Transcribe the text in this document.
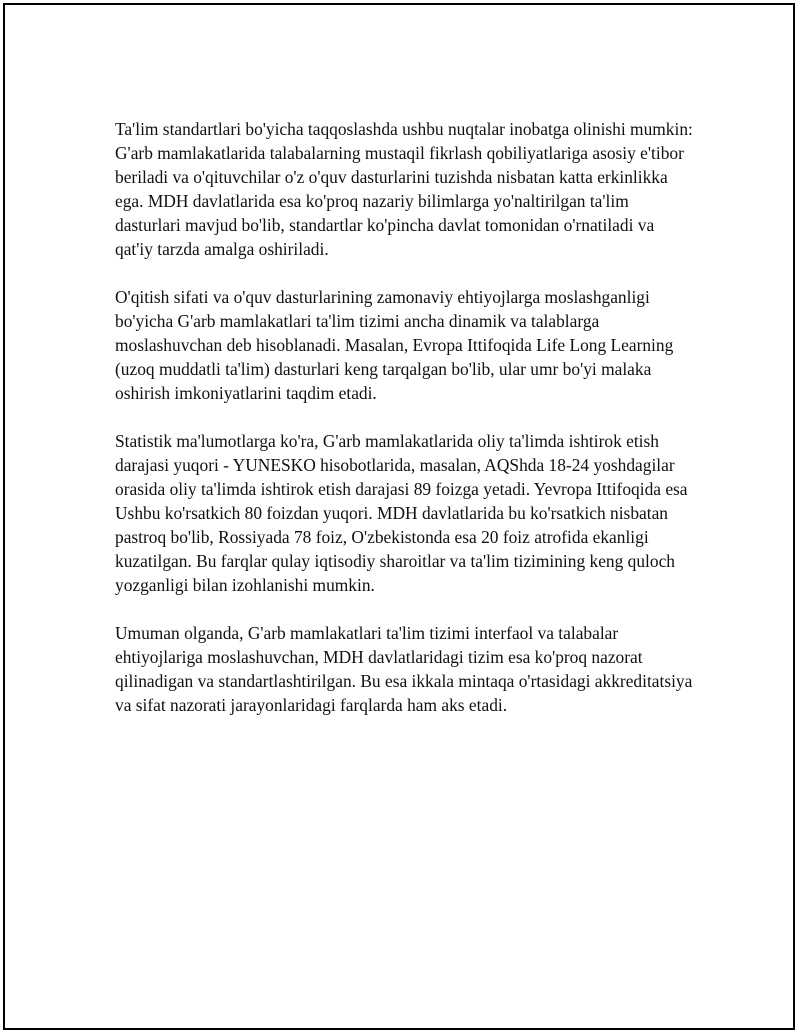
Ta'lim standartlari bo'yicha taqqoslashda ushbu nuqtalar inobatga olinishi mumkin: G'arb mamlakatlarida talabalarning mustaqil fikrlash qobiliyatlariga asosiy e'tibor beriladi va o'qituvchilar o'z o'quv dasturlarini tuzishda nisbatan katta erkinlikka ega. MDH davlatlarida esa ko'proq nazariy bilimlarga yo'naltirilgan ta'lim dasturlari mavjud bo'lib, standartlar ko'pincha davlat tomonidan o'rnatiladi va qat'iy tarzda amalga oshiriladi.

O'qitish sifati va o'quv dasturlarining zamonaviy ehtiyojlarga moslashganligi bo'yicha G'arb mamlakatlari ta'lim tizimi ancha dinamik va talablarga moslashuvchan deb hisoblanadi. Masalan, Evropa Ittifoqida Life Long Learning (uzoq muddatli ta'lim) dasturlari keng tarqalgan bo'lib, ular umr bo'yi malaka oshirish imkoniyatlarini taqdim etadi.

Statistik ma'lumotlarga ko'ra, G'arb mamlakatlarida oliy ta'limda ishtirok etish darajasi yuqori - YUNESKO hisobotlarida, masalan, AQShda 18-24 yoshdagilar orasida oliy ta'limda ishtirok etish darajasi 89 foizga yetadi. Yevropa Ittifoqida esa Ushbu ko'rsatkich 80 foizdan yuqori. MDH davlatlarida bu ko'rsatkich nisbatan pastroq bo'lib, Rossiyada 78 foiz, O'zbekistonda esa 20 foiz atrofida ekanligi kuzatilgan. Bu farqlar qulay iqtisodiy sharoitlar va ta'lim tizimining keng quloch yozganligi bilan izohlanishi mumkin.

Umuman olganda, G'arb mamlakatlari ta'lim tizimi interfaol va talabalar ehtiyojlariga moslashuvchan, MDH davlatlaridagi tizim esa ko'proq nazorat qilinadigan va standartlashtirilgan. Bu esa ikkala mintaqa o'rtasidagi akkreditatsiya va sifat nazorati jarayonlaridagi farqlarda ham aks etadi.
